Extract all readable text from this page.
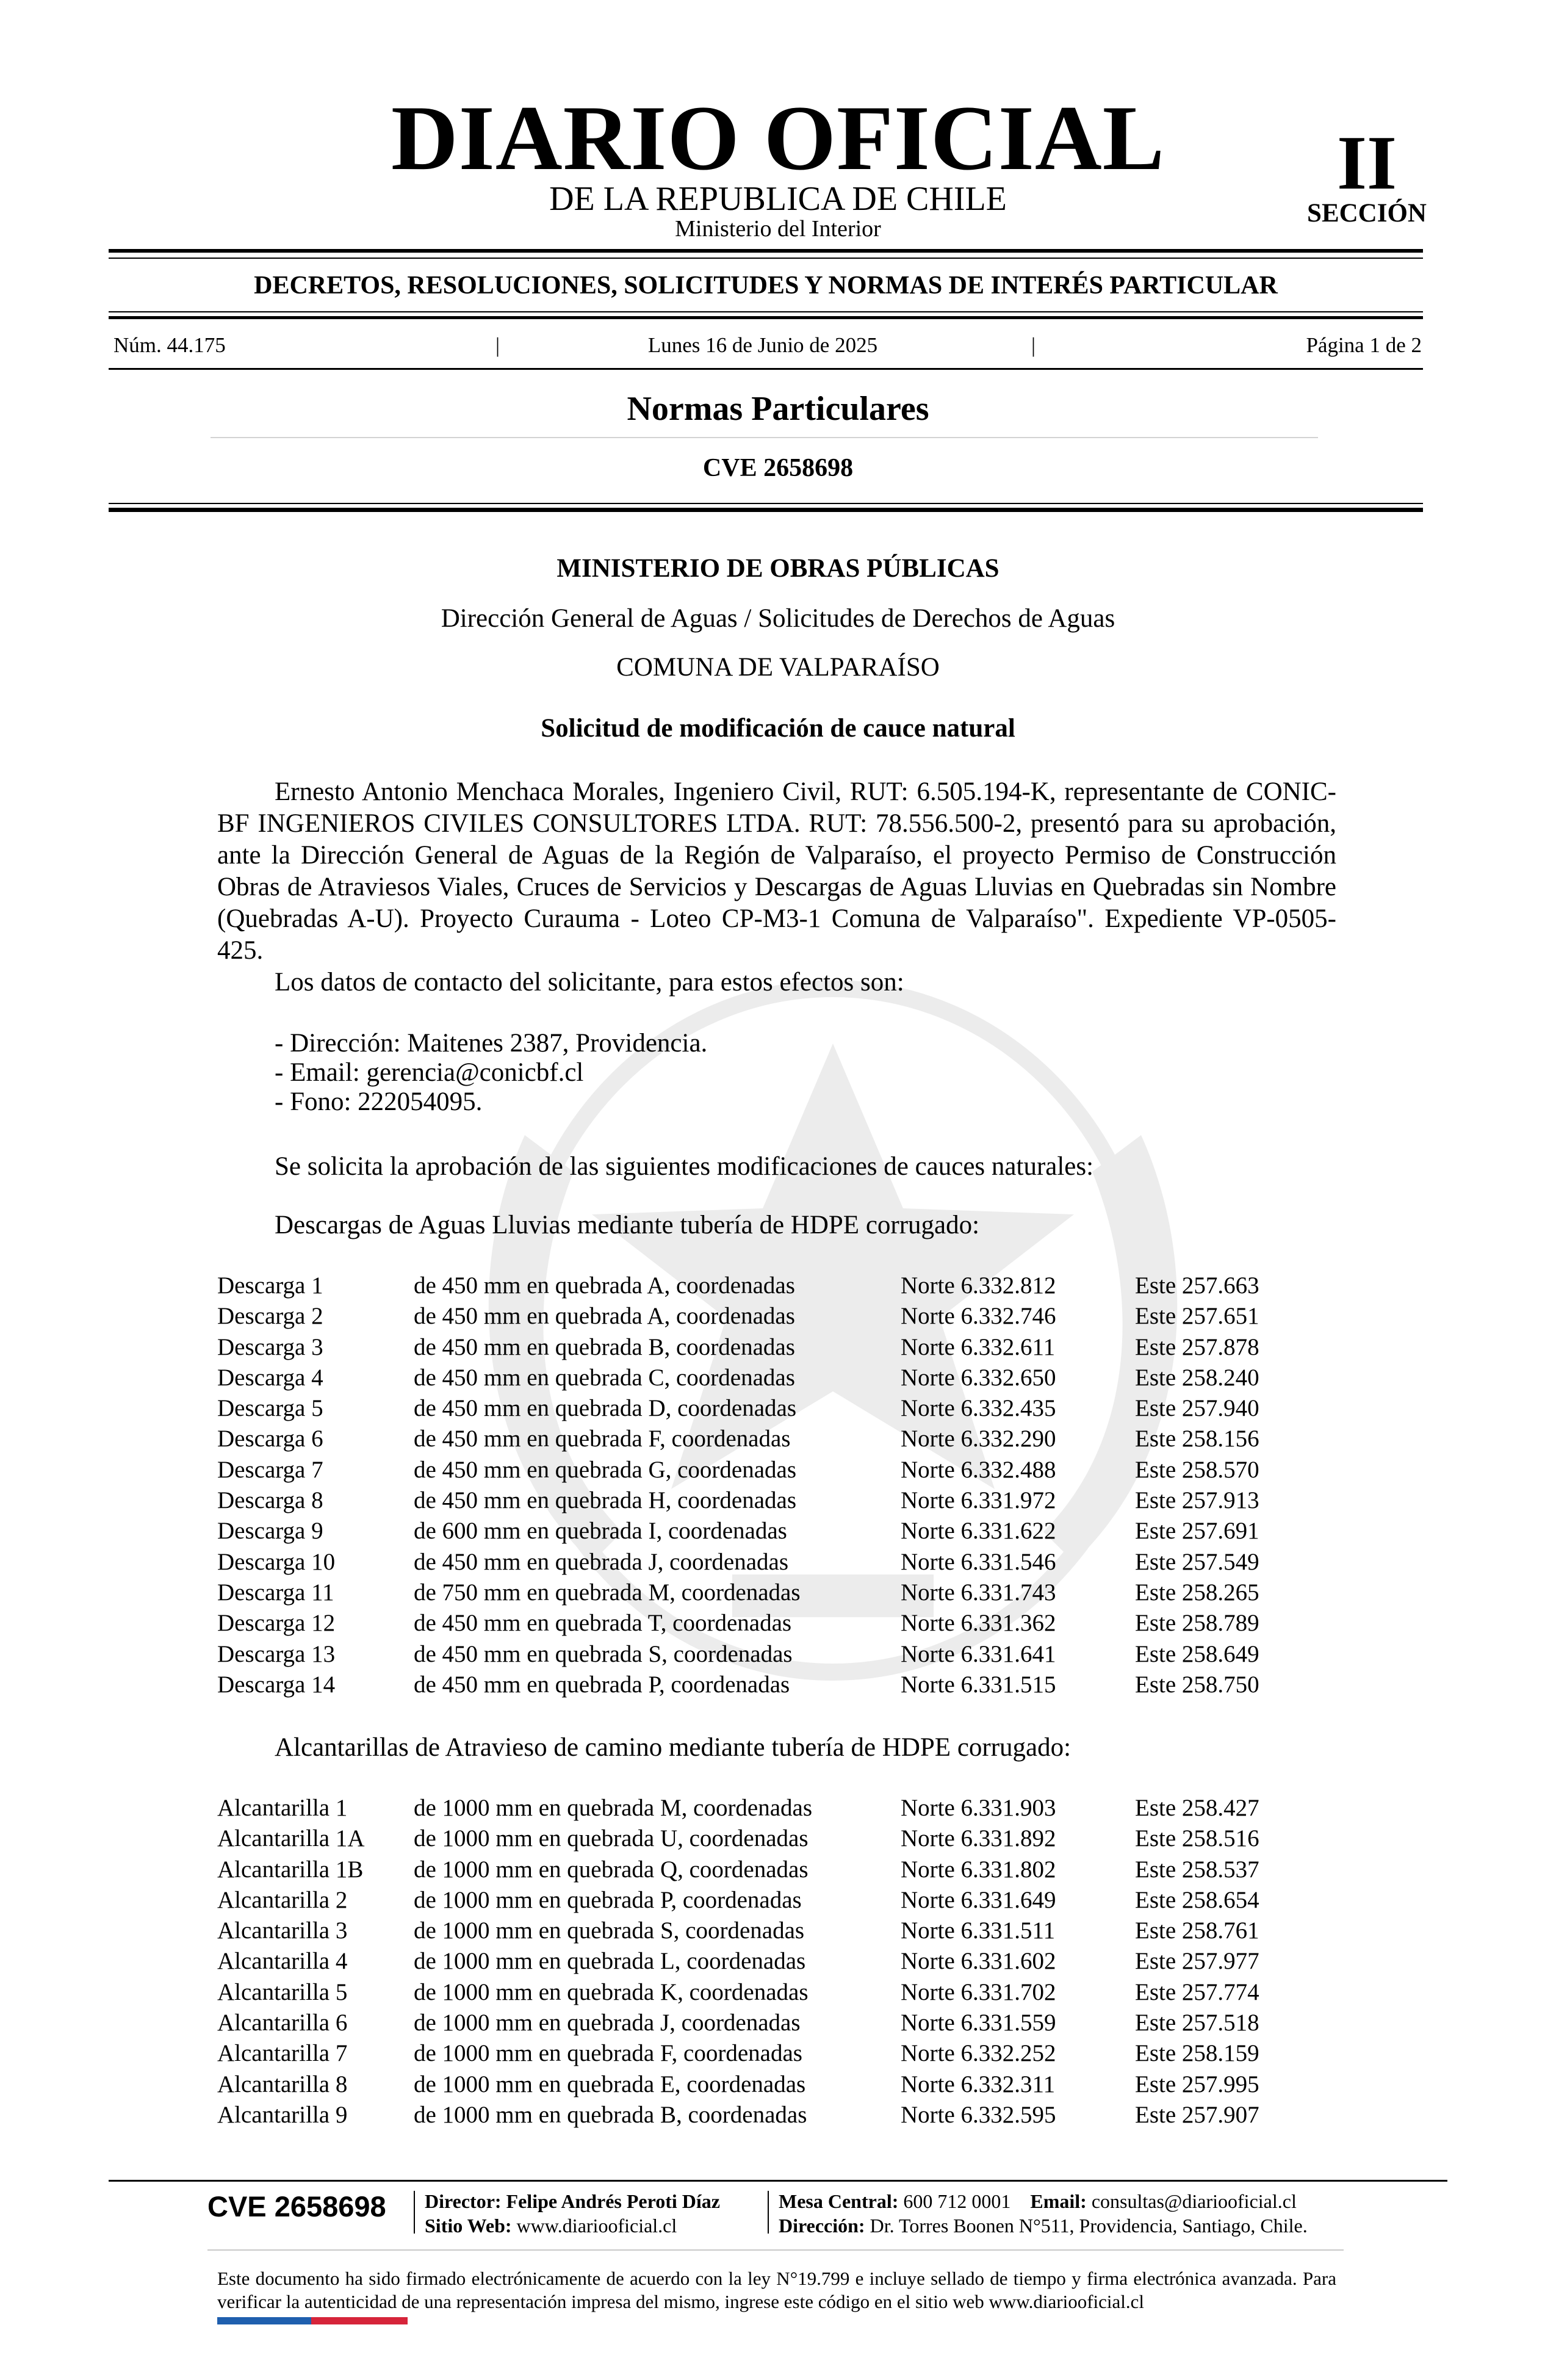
DIARIO OFICIAL
DE LA REPUBLICA DE CHILE
Ministerio del Interior
II
SECCIÓN
DECRETOS, RESOLUCIONES, SOLICITUDES Y NORMAS DE INTERÉS PARTICULAR
Núm. 44.175	|	Lunes 16 de Junio de 2025	|	Página 1 de 2
Normas Particulares
CVE 2658698
MINISTERIO DE OBRAS PÚBLICAS
Dirección General de Aguas / Solicitudes de Derechos de Aguas
COMUNA DE VALPARAÍSO
Solicitud de modificación de cauce natural
Ernesto Antonio Menchaca Morales, Ingeniero Civil, RUT: 6.505.194-K, representante de CONIC-BF INGENIEROS CIVILES CONSULTORES LTDA. RUT: 78.556.500-2, presentó para su aprobación, ante la Dirección General de Aguas de la Región de Valparaíso, el proyecto Permiso de Construcción Obras de Atraviesos Viales, Cruces de Servicios y Descargas de Aguas Lluvias en Quebradas sin Nombre (Quebradas A-U). Proyecto Curauma - Loteo CP-M3-1 Comuna de Valparaíso". Expediente VP-0505-425.
Los datos de contacto del solicitante, para estos efectos son:
- Dirección: Maitenes 2387, Providencia.
- Email: gerencia@conicbf.cl
- Fono: 222054095.
Se solicita la aprobación de las siguientes modificaciones de cauces naturales:
Descargas de Aguas Lluvias mediante tubería de HDPE corrugado:
Descarga 1	de 450 mm en quebrada A, coordenadas	Norte 6.332.812	Este 257.663
Descarga 2	de 450 mm en quebrada A, coordenadas	Norte 6.332.746	Este 257.651
Descarga 3	de 450 mm en quebrada B, coordenadas	Norte 6.332.611	Este 257.878
Descarga 4	de 450 mm en quebrada C, coordenadas	Norte 6.332.650	Este 258.240
Descarga 5	de 450 mm en quebrada D, coordenadas	Norte 6.332.435	Este 257.940
Descarga 6	de 450 mm en quebrada F, coordenadas	Norte 6.332.290	Este 258.156
Descarga 7	de 450 mm en quebrada G, coordenadas	Norte 6.332.488	Este 258.570
Descarga 8	de 450 mm en quebrada H, coordenadas	Norte 6.331.972	Este 257.913
Descarga 9	de 600 mm en quebrada I, coordenadas	Norte 6.331.622	Este 257.691
Descarga 10	de 450 mm en quebrada J, coordenadas	Norte 6.331.546	Este 257.549
Descarga 11	de 750 mm en quebrada M, coordenadas	Norte 6.331.743	Este 258.265
Descarga 12	de 450 mm en quebrada T, coordenadas	Norte 6.331.362	Este 258.789
Descarga 13	de 450 mm en quebrada S, coordenadas	Norte 6.331.641	Este 258.649
Descarga 14	de 450 mm en quebrada P, coordenadas	Norte 6.331.515	Este 258.750
Alcantarillas de Atravieso de camino mediante tubería de HDPE corrugado:
Alcantarilla 1	de 1000 mm en quebrada M, coordenadas	Norte 6.331.903	Este 258.427
Alcantarilla 1A	de 1000 mm en quebrada U, coordenadas	Norte 6.331.892	Este 258.516
Alcantarilla 1B	de 1000 mm en quebrada Q, coordenadas	Norte 6.331.802	Este 258.537
Alcantarilla 2	de 1000 mm en quebrada P, coordenadas	Norte 6.331.649	Este 258.654
Alcantarilla 3	de 1000 mm en quebrada S, coordenadas	Norte 6.331.511	Este 258.761
Alcantarilla 4	de 1000 mm en quebrada L, coordenadas	Norte 6.331.602	Este 257.977
Alcantarilla 5	de 1000 mm en quebrada K, coordenadas	Norte 6.331.702	Este 257.774
Alcantarilla 6	de 1000 mm en quebrada J, coordenadas	Norte 6.331.559	Este 257.518
Alcantarilla 7	de 1000 mm en quebrada F, coordenadas	Norte 6.332.252	Este 258.159
Alcantarilla 8	de 1000 mm en quebrada E, coordenadas	Norte 6.332.311	Este 257.995
Alcantarilla 9	de 1000 mm en quebrada B, coordenadas	Norte 6.332.595	Este 257.907
CVE 2658698 Director: Felipe Andrés Peroti Díaz
Sitio Web: www.diariooficial.cl
Mesa Central: 600 712 0001 Email: consultas@diariooficial.cl
Dirección: Dr. Torres Boonen N°511, Providencia, Santiago, Chile.
Este documento ha sido firmado electrónicamente de acuerdo con la ley N°19.799 e incluye sellado de tiempo y firma electrónica avanzada. Para verificar la autenticidad de una representación impresa del mismo, ingrese este código en el sitio web www.diariooficial.cl
